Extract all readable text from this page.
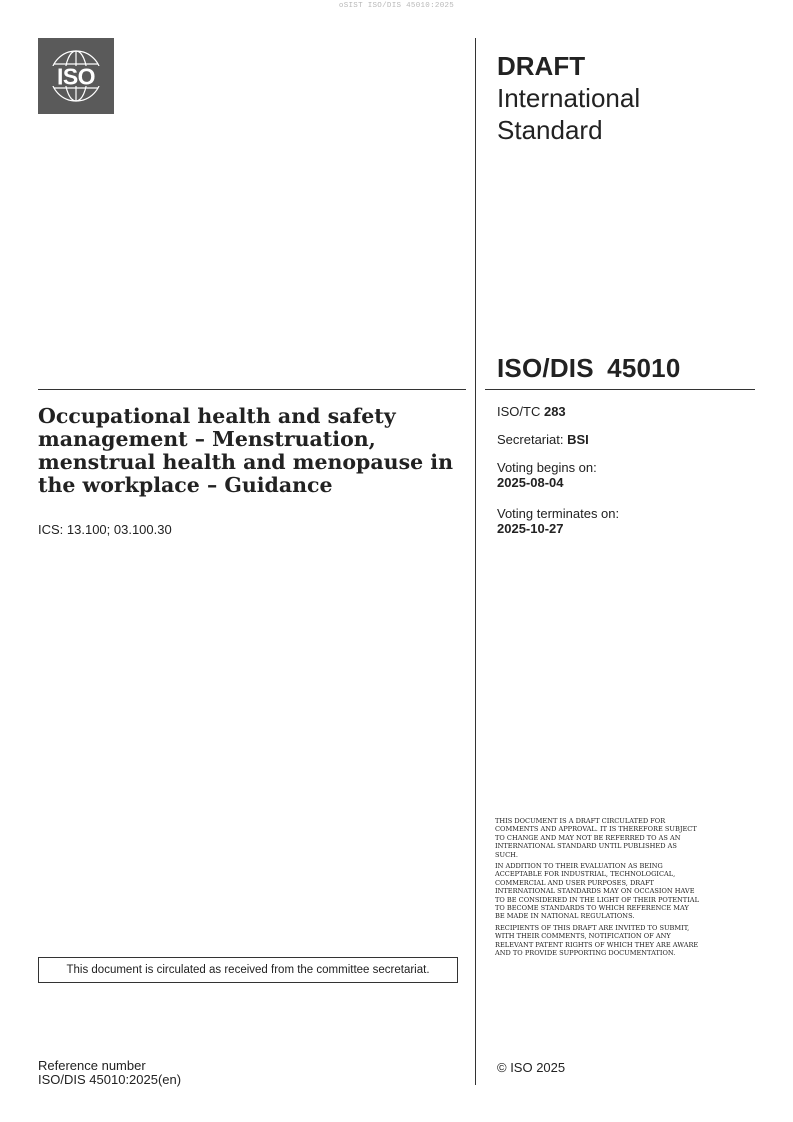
oSIST ISO/DIS 45010:2025
ISO	DRAFT
International
Standard
ISO/DIS 45010
Occupational health and safety management – Menstruation, menstrual health and menopause in the workplace – Guidance
ICS: 13.100; 03.100.30
ISO/TC 283
Secretariat: BSI
Voting begins on:
2025-08-04
Voting terminates on:
2025-10-27

THIS DOCUMENT IS A DRAFT CIRCULATED FOR COMMENTS AND APPROVAL. IT IS THEREFORE SUBJECT TO CHANGE AND MAY NOT BE REFERRED TO AS AN INTERNATIONAL STANDARD UNTIL PUBLISHED AS SUCH.

IN ADDITION TO THEIR EVALUATION AS BEING ACCEPTABLE FOR INDUSTRIAL, TECHNOLOGICAL, COMMERCIAL AND USER PURPOSES, DRAFT INTERNATIONAL STANDARDS MAY ON OCCASION HAVE TO BE CONSIDERED IN THE LIGHT OF THEIR POTENTIAL TO BECOME STANDARDS TO WHICH REFERENCE MAY BE MADE IN NATIONAL REGULATIONS.

RECIPIENTS OF THIS DRAFT ARE INVITED TO SUBMIT, WITH THEIR COMMENTS, NOTIFICATION OF ANY RELEVANT PATENT RIGHTS OF WHICH THEY ARE AWARE AND TO PROVIDE SUPPORTING DOCUMENTATION.

This document is circulated as received from the committee secretariat.
© ISO 2025
Reference number
ISO/DIS 45010:2025(en)
